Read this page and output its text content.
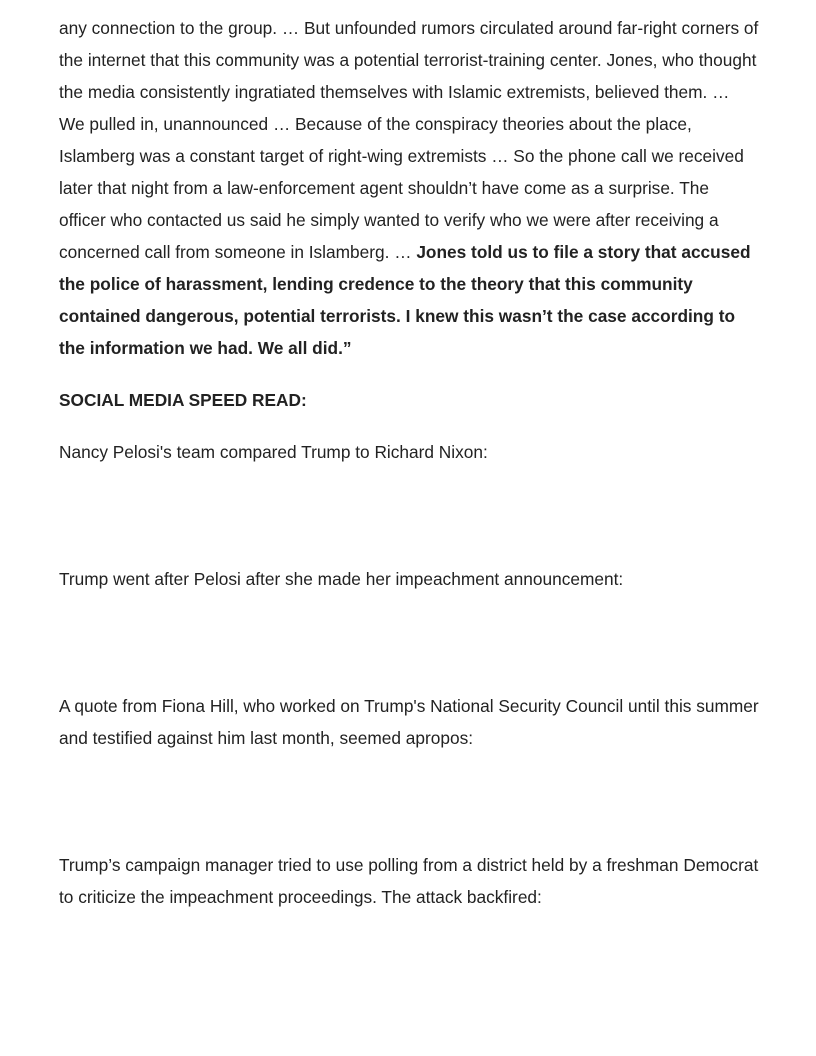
any connection to the group. … But unfounded rumors circulated around far-right corners of the internet that this community was a potential terrorist-training center. Jones, who thought the media consistently ingratiated themselves with Islamic extremists, believed them. … We pulled in, unannounced … Because of the conspiracy theories about the place, Islamberg was a constant target of right-wing extremists … So the phone call we received later that night from a law-enforcement agent shouldn’t have come as a surprise. The officer who contacted us said he simply wanted to verify who we were after receiving a concerned call from someone in Islamberg. … Jones told us to file a story that accused the police of harassment, lending credence to the theory that this community contained dangerous, potential terrorists. I knew this wasn’t the case according to the information we had. We all did.”

SOCIAL MEDIA SPEED READ:

Nancy Pelosi's team compared Trump to Richard Nixon:

Trump went after Pelosi after she made her impeachment announcement:

A quote from Fiona Hill, who worked on Trump's National Security Council until this summer and testified against him last month, seemed apropos:

Trump’s campaign manager tried to use polling from a district held by a freshman Democrat to criticize the impeachment proceedings. The attack backfired:
